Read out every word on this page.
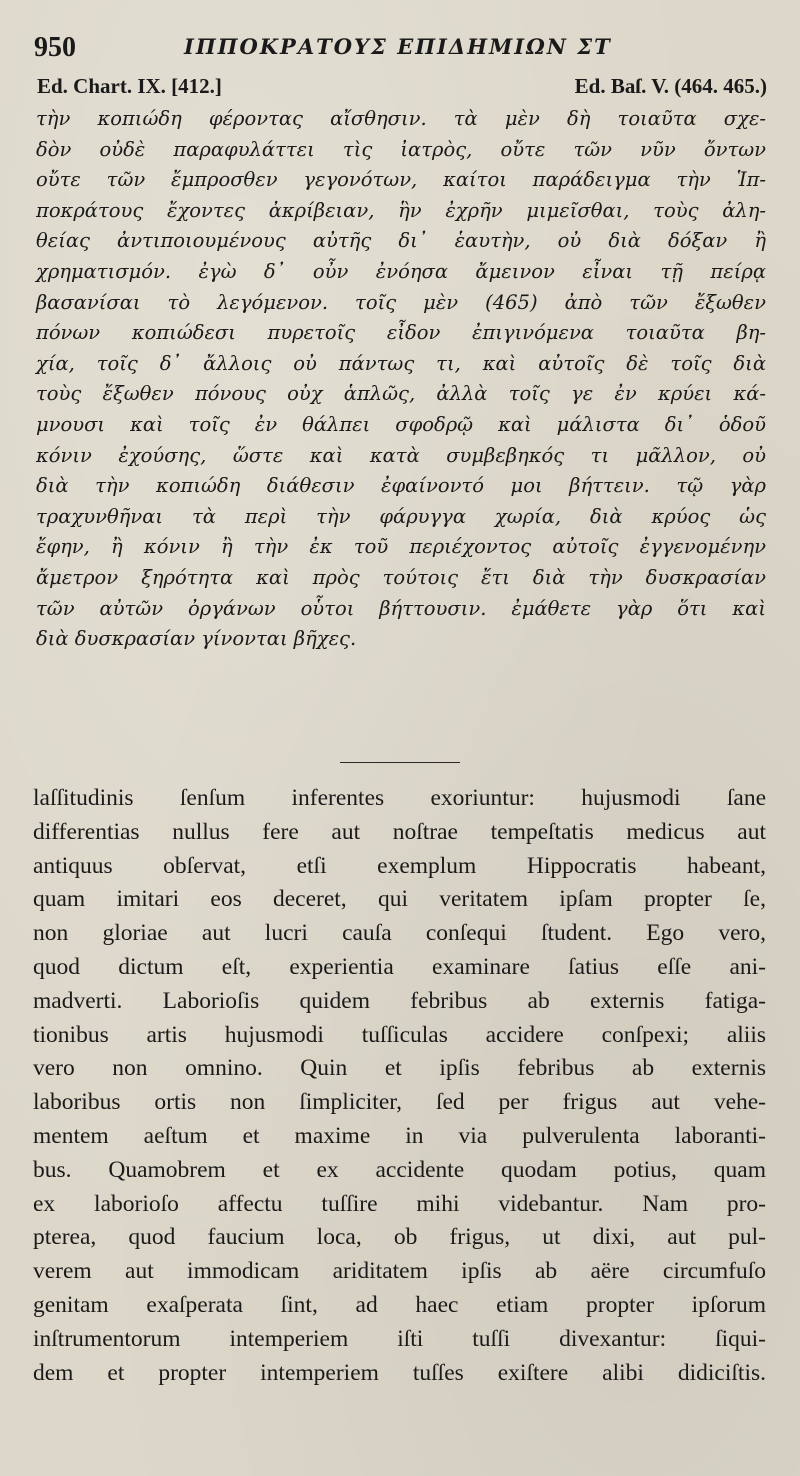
950	ΙΠΠΟΚΡΑΤΟΥΣ ΕΠΙΔΗΜΙΩΝ ΣΤ
Ed. Chart. IX. [412.]	Ed. Baſ. V. (464. 465.)
τὴν κοπιώδη φέροντας αἴσθησιν. τὰ μὲν δὴ τοιαῦτα σχε-
δὸν οὐδὲ παραφυλάττει τὶς ἰατρὸς, οὔτε τῶν νῦν ὄντων
οὔτε τῶν ἔμπροσθεν γεγονότων, καίτοι παράδειγμα τὴν Ἱπ-
ποκράτους ἔχοντες ἀκρίβειαν, ἣν ἐχρῆν μιμεῖσθαι, τοὺς ἀλη-
θείας ἀντιποιουμένους αὐτῆς δι᾽ ἑαυτὴν, οὐ διὰ δόξαν ἢ
χρηματισμόν. ἐγὼ δ᾽ οὖν ἐνόησα ἄμεινον εἶναι τῇ πείρᾳ
βασανίσαι τὸ λεγόμενον. τοῖς μὲν (465) ἀπὸ τῶν ἔξωθεν
πόνων κοπιώδεσι πυρετοῖς εἶδον ἐπιγινόμενα τοιαῦτα βη-
χία, τοῖς δ᾽ ἄλλοις οὐ πάντως τι, καὶ αὐτοῖς δὲ τοῖς διὰ
τοὺς ἔξωθεν πόνους οὐχ ἁπλῶς, ἀλλὰ τοῖς γε ἐν κρύει κά-
μνουσι καὶ τοῖς ἐν θάλπει σφοδρῷ καὶ μάλιστα δι᾽ ὁδοῦ
κόνιν ἐχούσης, ὥστε καὶ κατὰ συμβεβηκός τι μᾶλλον, οὐ
διὰ τὴν κοπιώδη διάθεσιν ἐφαίνοντό μοι βήττειν. τῷ γὰρ
τραχυνθῆναι τὰ περὶ τὴν φάρυγγα χωρία, διὰ κρύος ὡς
ἔφην, ἢ κόνιν ἢ τὴν ἐκ τοῦ περιέχοντος αὐτοῖς ἐγγενομένην
ἄμετρον ξηρότητα καὶ πρὸς τούτοις ἔτι διὰ τὴν δυσκρασίαν
τῶν αὐτῶν ὀργάνων οὗτοι βήττουσιν. ἐμάθετε γὰρ ὅτι καὶ
διὰ δυσκρασίαν γίνονται βῆχες.
laſſitudinis ſenſum inferentes exoriuntur: hujusmodi ſane
differentias nullus fere aut noſtrae tempeſtatis medicus aut
antiquus obſervat, etſi exemplum Hippocratis habeant,
quam imitari eos deceret, qui veritatem ipſam propter ſe,
non gloriae aut lucri cauſa conſequi ſtudent. Ego vero,
quod dictum eſt, experientia examinare ſatius eſſe ani-
madverti. Laborioſis quidem febribus ab externis fatiga-
tionibus artis hujusmodi tuſſiculas accidere conſpexi; aliis
vero non omnino. Quin et ipſis febribus ab externis
laboribus ortis non ſimpliciter, ſed per frigus aut vehe-
mentem aeſtum et maxime in via pulverulenta laboranti-
bus. Quamobrem et ex accidente quodam potius, quam
ex laborioſo affectu tuſſire mihi videbantur. Nam pro-
pterea, quod faucium loca, ob frigus, ut dixi, aut pul-
verem aut immodicam ariditatem ipſis ab aëre circumfuſo
genitam exaſperata ſint, ad haec etiam propter ipſorum
inſtrumentorum intemperiem iſti tuſſi divexantur: ſiqui-
dem et propter intemperiem tuſſes exiſtere alibi didiciſtis.
